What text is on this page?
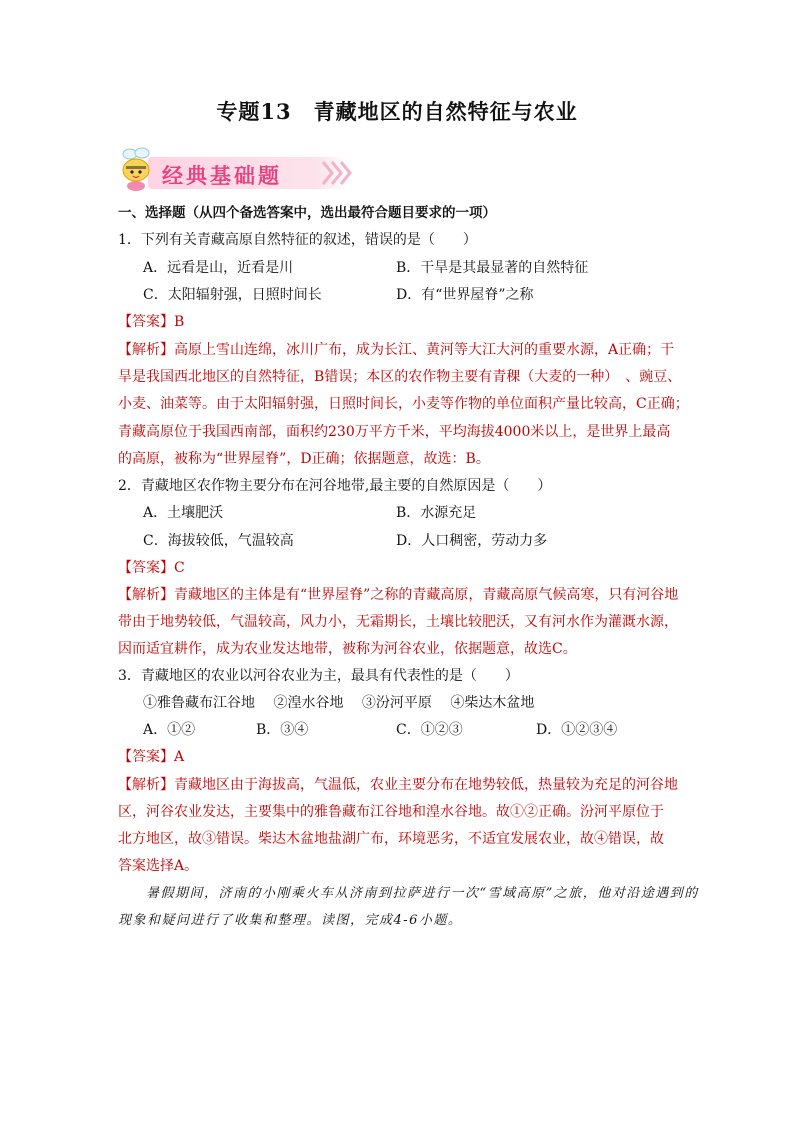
专题13　青藏地区的自然特征与农业
经典基础题
一、选择题（从四个备选答案中，选出最符合题目要求的一项）
1．下列有关青藏高原自然特征的叙述，错误的是（　　）
A．远看是山，近看是川	B．干旱是其最显著的自然特征
C．太阳辐射强，日照时间长	D．有“世界屋脊”之称
【答案】B
【解析】高原上雪山连绵，冰川广布，成为长江、黄河等大江大河的重要水源，A正确；干
旱是我国西北地区的自然特征，B错误；本区的农作物主要有青稞（大麦的一种）　、豌豆、
小麦、油菜等。由于太阳辐射强，日照时间长，小麦等作物的单位面积产量比较高，C正确；
青藏高原位于我国西南部，面积约230万平方千米，平均海拔4000米以上，是世界上最高
的高原，被称为“世界屋脊”，D正确；依据题意，故选：B。
2．青藏地区农作物主要分布在河谷地带,最主要的自然原因是（　　）
A．土壤肥沃	B．水源充足
C．海拔较低，气温较高	D．人口稠密，劳动力多
【答案】C
【解析】青藏地区的主体是有“世界屋脊”之称的青藏高原，青藏高原气候高寒，只有河谷地
带由于地势较低，气温较高，风力小，无霜期长，土壤比较肥沃，又有河水作为灌溉水源，
因而适宜耕作，成为农业发达地带，被称为河谷农业，依据题意，故选C。
3．青藏地区的农业以河谷农业为主，最具有代表性的是（　　）
①雅鲁藏布江谷地　 ②湟水谷地　 ③汾河平原　 ④柴达木盆地
A．①②	B．③④	C．①②③	D．①②③④
【答案】A
【解析】青藏地区由于海拔高，气温低，农业主要分布在地势较低，热量较为充足的河谷地
区，河谷农业发达，主要集中的雅鲁藏布江谷地和湟水谷地。故①②正确。汾河平原位于
北方地区，故③错误。柴达木盆地盐湖广布，环境恶劣，不适宜发展农业，故④错误，故
答案选择A。
暑假期间，济南的小刚乘火车从济南到拉萨进行一次“雪域高原”之旅，他对沿途遇到的
现象和疑问进行了收集和整理。读图，完成4-6小题。
